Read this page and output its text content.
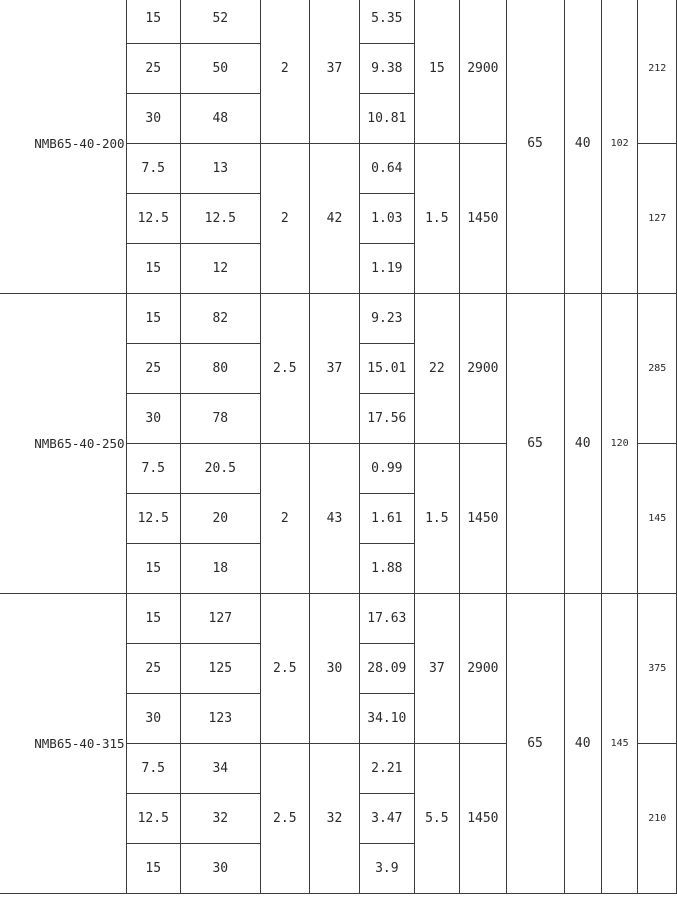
NMB65-40-200	15	52	2	37	5.35	15	2900	65	40	102	212
	25	50			9.38						
	30	48			10.81						
	7.5	13	2	42	0.64	1.5	1450				127
	12.5	12.5			1.03						
	15	12			1.19						
NMB65-40-250	15	82	2.5	37	9.23	22	2900	65	40	120	285
	25	80			15.01						
	30	78			17.56						
	7.5	20.5	2	43	0.99	1.5	1450				145
	12.5	20			1.61						
	15	18			1.88						
NMB65-40-315	15	127	2.5	30	17.63	37	2900	65	40	145	375
	25	125			28.09						
	30	123			34.10						
	7.5	34	2.5	32	2.21	5.5	1450				210
	12.5	32			3.47						
	15	30			3.9						
